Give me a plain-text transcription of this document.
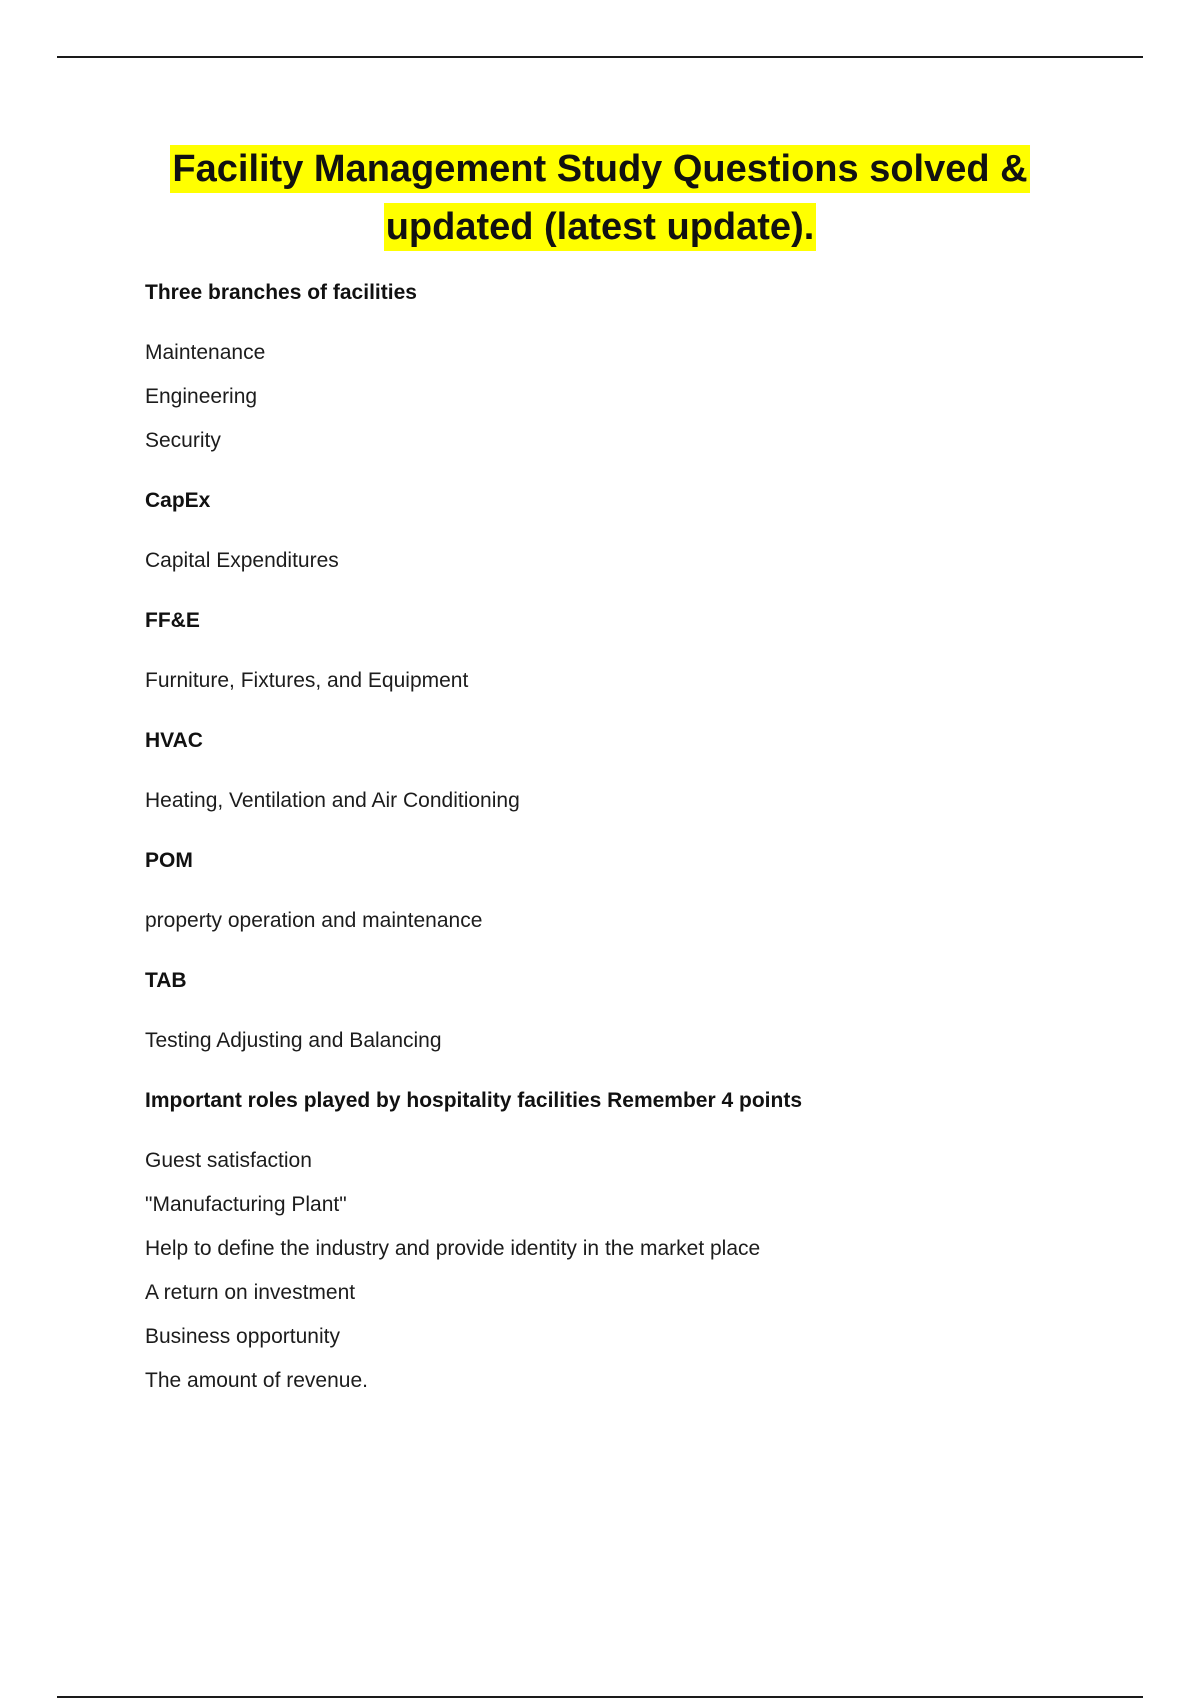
Facility Management Study Questions solved &
updated (latest update).

Three branches of facilities

Maintenance
Engineering
Security

CapEx

Capital Expenditures

FF&E

Furniture, Fixtures, and Equipment

HVAC

Heating, Ventilation and Air Conditioning

POM

property operation and maintenance

TAB

Testing Adjusting and Balancing

Important roles played by hospitality facilities Remember 4 points

Guest satisfaction
"Manufacturing Plant"
Help to define the industry and provide identity in the market place
A return on investment
Business opportunity
The amount of revenue.
